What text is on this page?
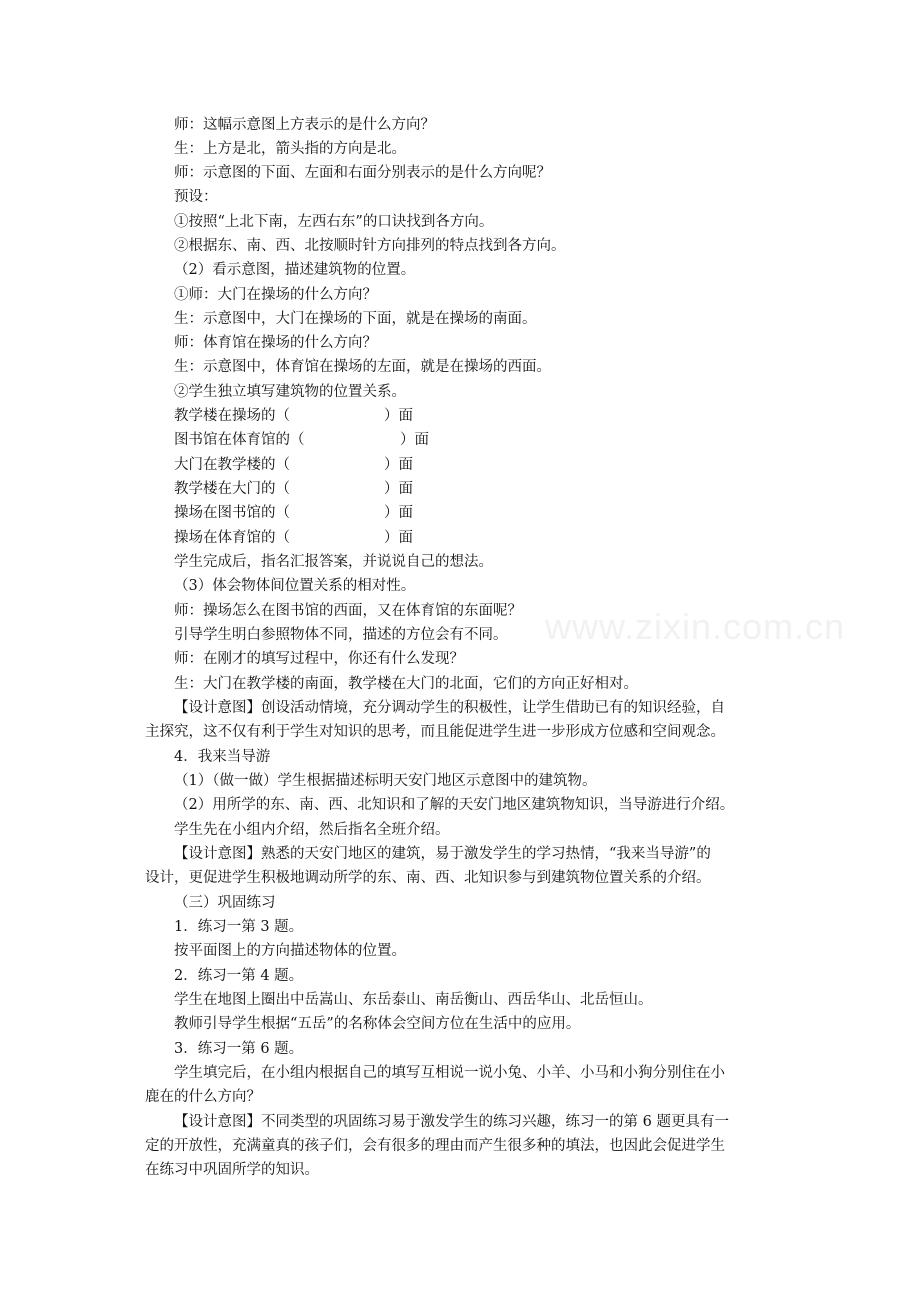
www.zixin.com.cn
师：这幅示意图上方表示的是什么方向？
生：上方是北，箭头指的方向是北。
师：示意图的下面、左面和右面分别表示的是什么方向呢？
预设：
①按照“上北下南，左西右东”的口诀找到各方向。
②根据东、南、西、北按顺时针方向排列的特点找到各方向。
（2）看示意图，描述建筑物的位置。
①师：大门在操场的什么方向？
生：示意图中，大门在操场的下面，就是在操场的南面。
师：体育馆在操场的什么方向？
生：示意图中，体育馆在操场的左面，就是在操场的西面。
②学生独立填写建筑物的位置关系。
教学楼在操场的（	）面
图书馆在体育馆的（	）面
大门在教学楼的（	）面
教学楼在大门的（	）面
操场在图书馆的（	）面
操场在体育馆的（	）面
学生完成后，指名汇报答案，并说说自己的想法。
（3）体会物体间位置关系的相对性。
师：操场怎么在图书馆的西面，又在体育馆的东面呢？
引导学生明白参照物体不同，描述的方位会有不同。
师：在刚才的填写过程中，你还有什么发现？
生：大门在教学楼的南面，教学楼在大门的北面，它们的方向正好相对。
【设计意图】创设活动情境，充分调动学生的积极性，让学生借助已有的知识经验，自
主探究，这不仅有利于学生对知识的思考，而且能促进学生进一步形成方位感和空间观念。
4．我来当导游
（1）（做一做）学生根据描述标明天安门地区示意图中的建筑物。
（2）用所学的东、南、西、北知识和了解的天安门地区建筑物知识，当导游进行介绍。
学生先在小组内介绍，然后指名全班介绍。
【设计意图】熟悉的天安门地区的建筑，易于激发学生的学习热情，“我来当导游”的
设计，更促进学生积极地调动所学的东、南、西、北知识参与到建筑物位置关系的介绍。
（三）巩固练习
1．练习一第 3 题。
按平面图上的方向描述物体的位置。
2．练习一第 4 题。
学生在地图上圈出中岳嵩山、东岳泰山、南岳衡山、西岳华山、北岳恒山。
教师引导学生根据“五岳”的名称体会空间方位在生活中的应用。
3．练习一第 6 题。
学生填完后，在小组内根据自己的填写互相说一说小兔、小羊、小马和小狗分别住在小
鹿在的什么方向？
【设计意图】不同类型的巩固练习易于激发学生的练习兴趣，练习一的第 6 题更具有一
定的开放性，充满童真的孩子们，会有很多的理由而产生很多种的填法，也因此会促进学生
在练习中巩固所学的知识。
